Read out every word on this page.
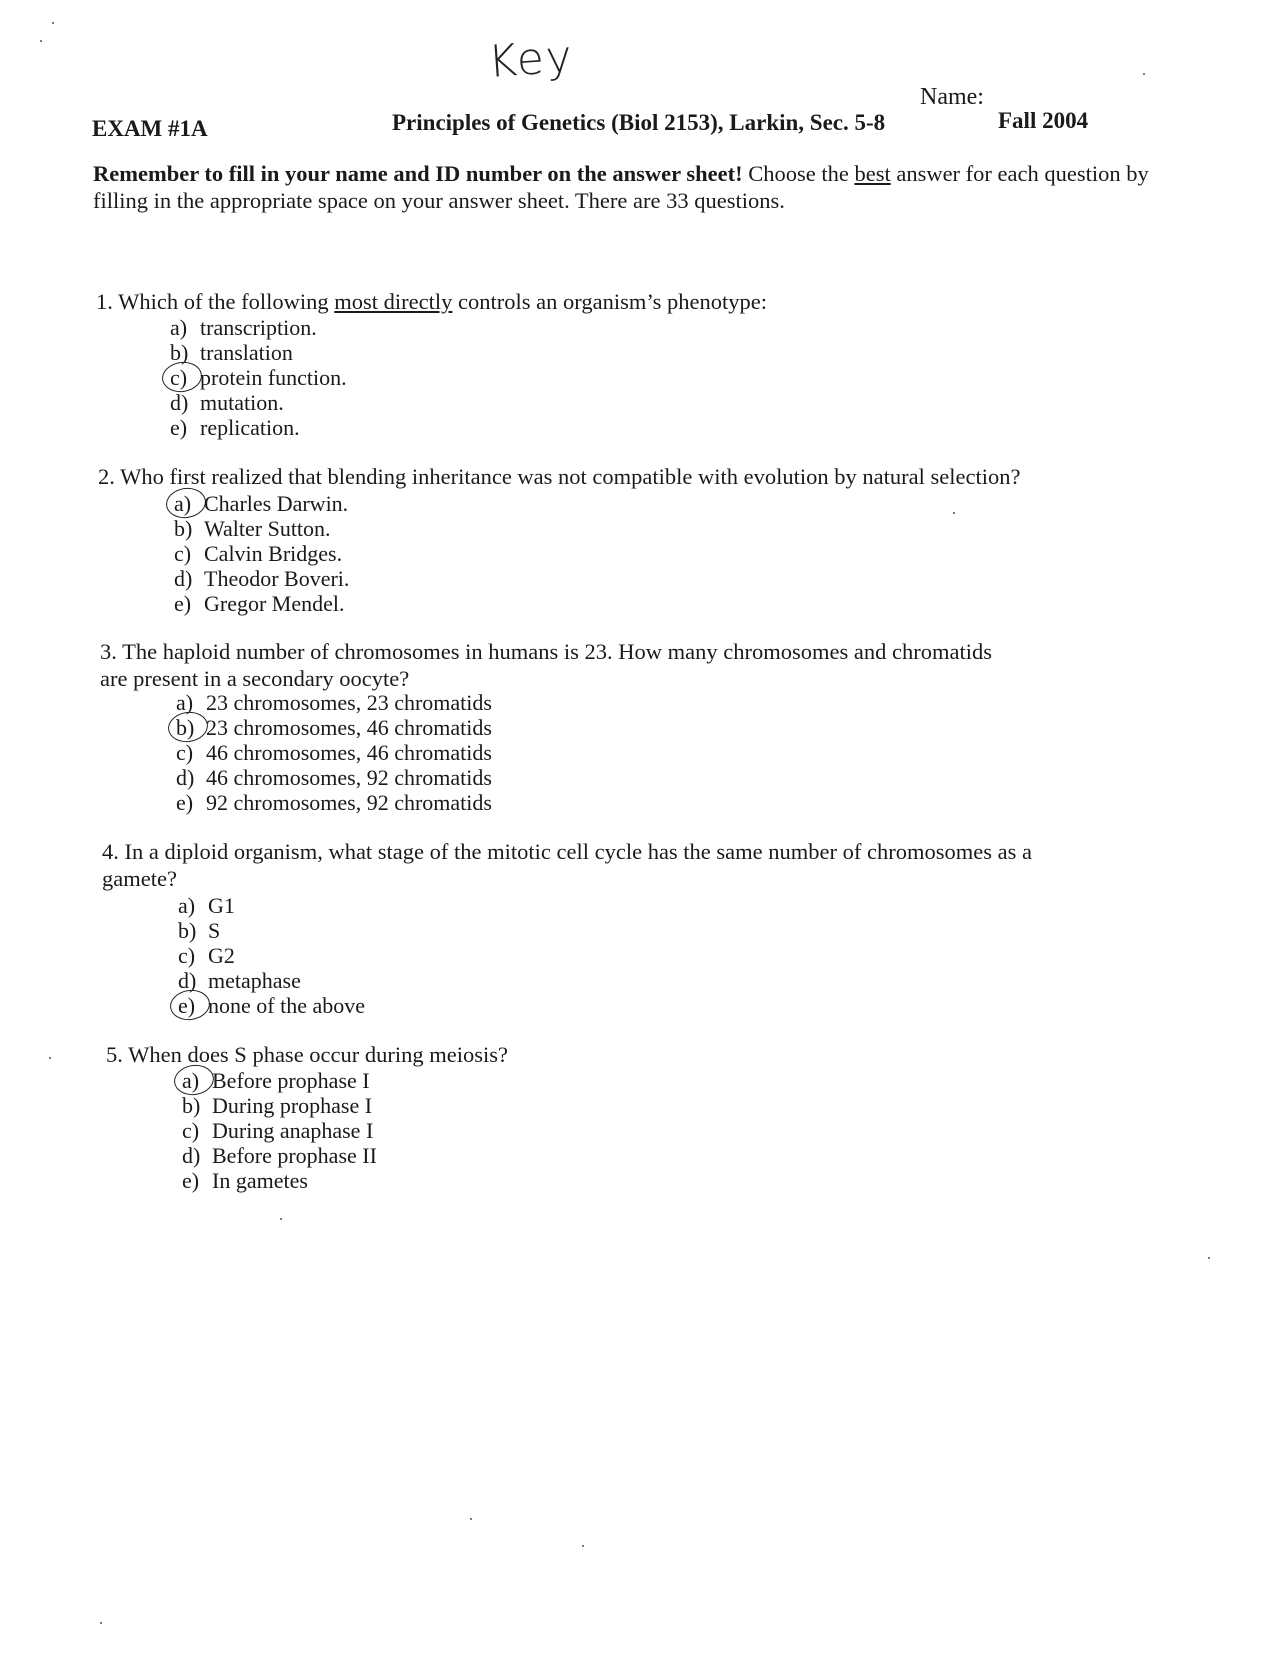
Key
Name:
EXAM #1A	Principles of Genetics (Biol 2153), Larkin, Sec. 5-8	Fall 2004
Remember to fill in your name and ID number on the answer sheet! Choose the best answer for each question by filling in the appropriate space on your answer sheet. There are 33 questions.
1. Which of the following most directly controls an organism’s phenotype:
a) transcription.
b) translation
c) protein function.
d) mutation.
e) replication.
2. Who first realized that blending inheritance was not compatible with evolution by natural selection?
a) Charles Darwin.
b) Walter Sutton.
c) Calvin Bridges.
d) Theodor Boveri.
e) Gregor Mendel.
3. The haploid number of chromosomes in humans is 23. How many chromosomes and chromatids
are present in a secondary oocyte?
a) 23 chromosomes, 23 chromatids
b) 23 chromosomes, 46 chromatids
c) 46 chromosomes, 46 chromatids
d) 46 chromosomes, 92 chromatids
e) 92 chromosomes, 92 chromatids
4. In a diploid organism, what stage of the mitotic cell cycle has the same number of chromosomes as a
gamete?
a) G1
b) S
c) G2
d) metaphase
e) none of the above
5. When does S phase occur during meiosis?
a) Before prophase I
b) During prophase I
c) During anaphase I
d) Before prophase II
e) In gametes
